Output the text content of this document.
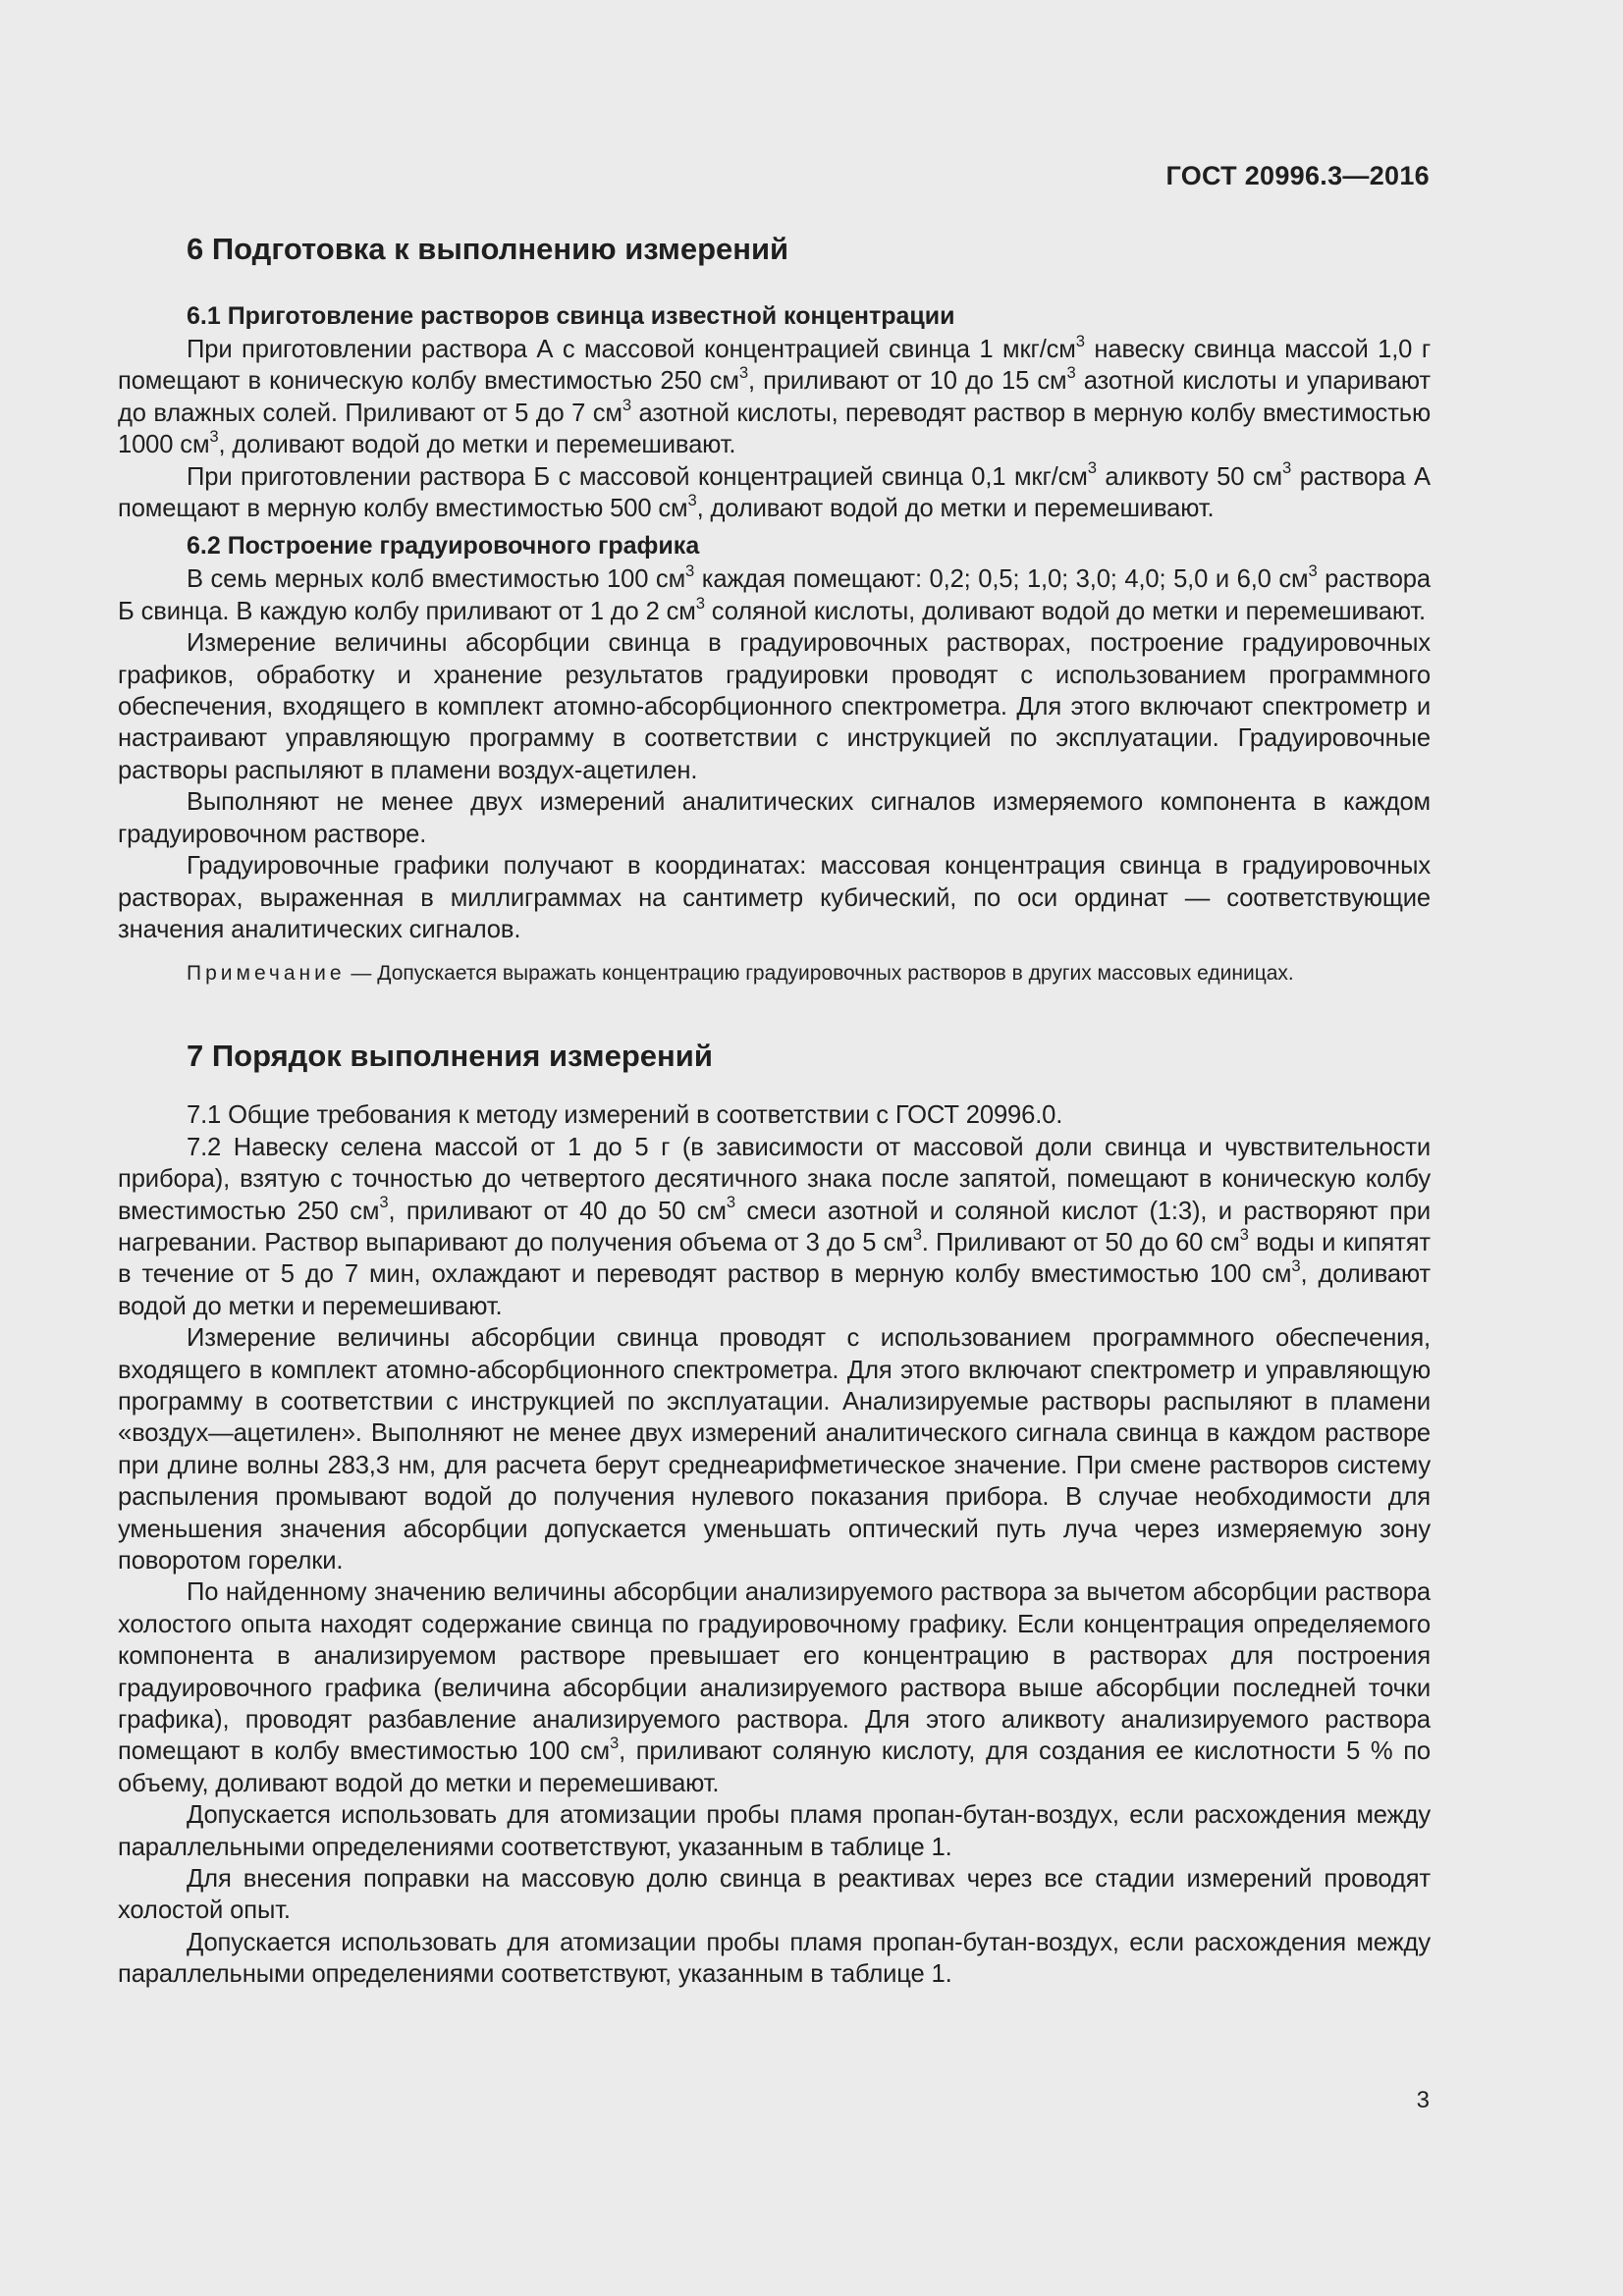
ГОСТ 20996.3—2016
6 Подготовка к выполнению измерений
6.1 Приготовление растворов свинца известной концентрации

При приготовлении раствора А с массовой концентрацией свинца 1 мкг/$см^3$ навеску свинца массой 1,0 г помещают в коническую колбу вместимостью 250 $см^3$, приливают от 10 до 15 $см^3$ азотной кислоты и упаривают до влажных солей. Приливают от 5 до 7 $см^3$ азотной кислоты, переводят раствор в мерную колбу вместимостью 1000 $см^3$, доливают водой до метки и перемешивают.

При приготовлении раствора Б с массовой концентрацией свинца 0,1 мкг/$см^3$ аликвоту 50 $см^3$ раствора А помещают в мерную колбу вместимостью 500 $см^3$, доливают водой до метки и перемешивают.

6.2 Построение градуировочного графика

В семь мерных колб вместимостью 100 $см^3$ каждая помещают: 0,2; 0,5; 1,0; 3,0; 4,0; 5,0 и 6,0 $см^3$ раствора Б свинца. В каждую колбу приливают от 1 до 2 $см^3$ соляной кислоты, доливают водой до метки и перемешивают.

Измерение величины абсорбции свинца в градуировочных растворах, построение градуировочных графиков, обработку и хранение результатов градуировки проводят с использованием программного обеспечения, входящего в комплект атомно-абсорбционного спектрометра. Для этого включают спектрометр и настраивают управляющую программу в соответствии с инструкцией по эксплуатации. Градуировочные растворы распыляют в пламени воздух-ацетилен.

Выполняют не менее двух измерений аналитических сигналов измеряемого компонента в каждом градуировочном растворе.

Градуировочные графики получают в координатах: массовая концентрация свинца в градуировочных растворах, выраженная в миллиграммах на сантиметр кубический, по оси ординат — соответствующие значения аналитических сигналов.

Примечание — Допускается выражать концентрацию градуировочных растворов в других массовых единицах.

7 Порядок выполнения измерений

7.1 Общие требования к методу измерений в соответствии с ГОСТ 20996.0.

7.2 Навеску селена массой от 1 до 5 г (в зависимости от массовой доли свинца и чувствительности прибора), взятую с точностью до четвертого десятичного знака после запятой, помещают в коническую колбу вместимостью 250 $см^3$, приливают от 40 до 50 $см^3$ смеси азотной и соляной кислот (1:3), и растворяют при нагревании. Раствор выпаривают до получения объема от 3 до 5 $см^3$. Приливают от 50 до 60 $см^3$ воды и кипятят в течение от 5 до 7 мин, охлаждают и переводят раствор в мерную колбу вместимостью 100 $см^3$, доливают водой до метки и перемешивают.

Измерение величины абсорбции свинца проводят с использованием программного обеспечения, входящего в комплект атомно-абсорбционного спектрометра. Для этого включают спектрометр и управляющую программу в соответствии с инструкцией по эксплуатации. Анализируемые растворы распыляют в пламени «воздух—ацетилен». Выполняют не менее двух измерений аналитического сигнала свинца в каждом растворе при длине волны 283,3 нм, для расчета берут среднеарифметическое значение. При смене растворов систему распыления промывают водой до получения нулевого показания прибора. В случае необходимости для уменьшения значения абсорбции допускается уменьшать оптический путь луча через измеряемую зону поворотом горелки.

По найденному значению величины абсорбции анализируемого раствора за вычетом абсорбции раствора холостого опыта находят содержание свинца по градуировочному графику. Если концентрация определяемого компонента в анализируемом растворе превышает его концентрацию в растворах для построения градуировочного графика (величина абсорбции анализируемого раствора выше абсорбции последней точки графика), проводят разбавление анализируемого раствора. Для этого аликвоту анализируемого раствора помещают в колбу вместимостью 100 $см^3$, приливают соляную кислоту, для создания ее кислотности 5 % по объему, доливают водой до метки и перемешивают.

Допускается использовать для атомизации пробы пламя пропан-бутан-воздух, если расхождения между параллельными определениями соответствуют, указанным в таблице 1.

Для внесения поправки на массовую долю свинца в реактивах через все стадии измерений проводят холостой опыт.

Допускается использовать для атомизации пробы пламя пропан-бутан-воздух, если расхождения между параллельными определениями соответствуют, указанным в таблице 1.

3
